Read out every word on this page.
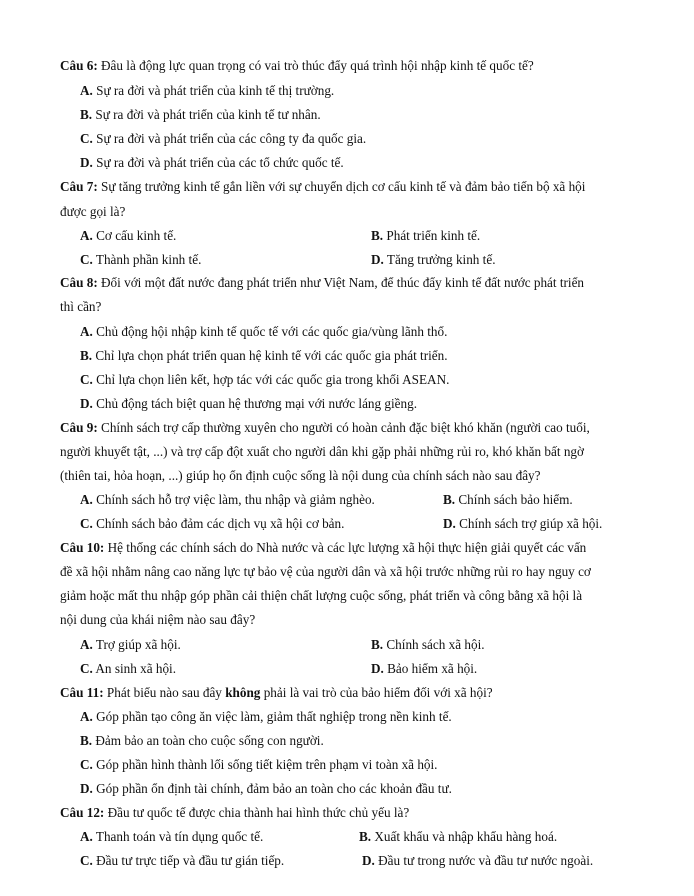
Câu 6: Đâu là động lực quan trọng có vai trò thúc đẩy quá trình hội nhập kinh tế quốc tế?
A. Sự ra đời và phát triển của kinh tế thị trường.
B. Sự ra đời và phát triển của kinh tế tư nhân.
C. Sự ra đời và phát triển của các công ty đa quốc gia.
D. Sự ra đời và phát triển của các tổ chức quốc tế.
Câu 7: Sự tăng trưởng kinh tế gắn liền với sự chuyển dịch cơ cấu kinh tế và đảm bảo tiến bộ xã hội
được gọi là?
A. Cơ cấu kinh tế.	B. Phát triển kinh tế.
C. Thành phần kinh tế.	D. Tăng trưởng kinh tế.
Câu 8: Đối với một đất nước đang phát triển như Việt Nam, để thúc đẩy kinh tế đất nước phát triển
thì cần?
A. Chủ động hội nhập kinh tế quốc tế với các quốc gia/vùng lãnh thổ.
B. Chỉ lựa chọn phát triển quan hệ kinh tế với các quốc gia phát triển.
C. Chỉ lựa chọn liên kết, hợp tác với các quốc gia trong khối ASEAN.
D. Chủ động tách biệt quan hệ thương mại với nước láng giềng.
Câu 9: Chính sách trợ cấp thường xuyên cho người có hoàn cảnh đặc biệt khó khăn (người cao tuổi,
người khuyết tật, ...) và trợ cấp đột xuất cho người dân khi gặp phải những rủi ro, khó khăn bất ngờ
(thiên tai, hỏa hoạn, ...) giúp họ ổn định cuộc sống là nội dung của chính sách nào sau đây?
A. Chính sách hỗ trợ việc làm, thu nhập và giảm nghèo.	B. Chính sách bảo hiểm.
C. Chính sách bảo đảm các dịch vụ xã hội cơ bản.	D. Chính sách trợ giúp xã hội.
Câu 10: Hệ thống các chính sách do Nhà nước và các lực lượng xã hội thực hiện giải quyết các vấn
đề xã hội nhằm nâng cao năng lực tự bảo vệ của người dân và xã hội trước những rủi ro hay nguy cơ
giảm hoặc mất thu nhập góp phần cải thiện chất lượng cuộc sống, phát triển và công bằng xã hội là
nội dung của khái niệm nào sau đây?
A. Trợ giúp xã hội.	B. Chính sách xã hội.
C. An sinh xã hội.	D. Bảo hiểm xã hội.
Câu 11: Phát biểu nào sau đây không phải là vai trò của bảo hiểm đối với xã hội?
A. Góp phần tạo công ăn việc làm, giảm thất nghiệp trong nền kinh tế.
B. Đảm bảo an toàn cho cuộc sống con người.
C. Góp phần hình thành lối sống tiết kiệm trên phạm vi toàn xã hội.
D. Góp phần ổn định tài chính, đảm bảo an toàn cho các khoản đầu tư.
Câu 12: Đầu tư quốc tế được chia thành hai hình thức chủ yếu là?
A. Thanh toán và tín dụng quốc tế.	B. Xuất khẩu và nhập khẩu hàng hoá.
C. Đầu tư trực tiếp và đầu tư gián tiếp.	D. Đầu tư trong nước và đầu tư nước ngoài.
